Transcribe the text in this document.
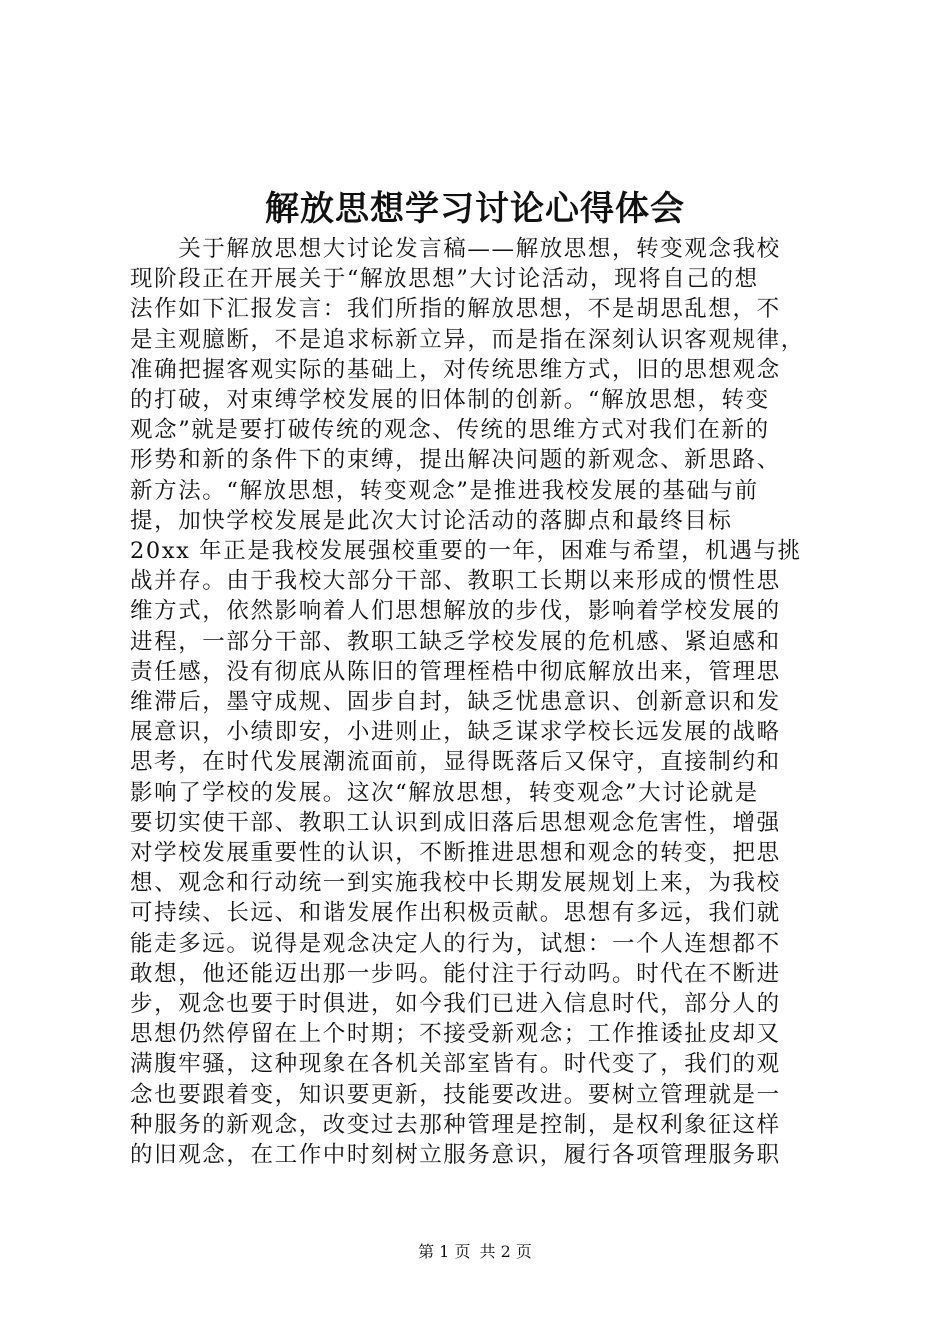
解放思想学习讨论心得体会
　　关于解放思想大讨论发言稿——解放思想，转变观念我校
现阶段正在开展关于“解放思想”大讨论活动，现将自己的想
法作如下汇报发言：我们所指的解放思想，不是胡思乱想，不
是主观臆断，不是追求标新立异，而是指在深刻认识客观规律，
准确把握客观实际的基础上，对传统思维方式，旧的思想观念
的打破，对束缚学校发展的旧体制的创新。“解放思想，转变
观念”就是要打破传统的观念、传统的思维方式对我们在新的
形势和新的条件下的束缚，提出解决问题的新观念、新思路、
新方法。“解放思想，转变观念”是推进我校发展的基础与前
提，加快学校发展是此次大讨论活动的落脚点和最终目标
20xx 年正是我校发展强校重要的一年，困难与希望，机遇与挑
战并存。由于我校大部分干部、教职工长期以来形成的惯性思
维方式，依然影响着人们思想解放的步伐，影响着学校发展的
进程，一部分干部、教职工缺乏学校发展的危机感、紧迫感和
责任感，没有彻底从陈旧的管理桎梏中彻底解放出来，管理思
维滞后，墨守成规、固步自封，缺乏忧患意识、创新意识和发
展意识，小绩即安，小进则止，缺乏谋求学校长远发展的战略
思考，在时代发展潮流面前，显得既落后又保守，直接制约和
影响了学校的发展。这次“解放思想，转变观念”大讨论就是
要切实使干部、教职工认识到成旧落后思想观念危害性，增强
对学校发展重要性的认识，不断推进思想和观念的转变，把思
想、观念和行动统一到实施我校中长期发展规划上来，为我校
可持续、长远、和谐发展作出积极贡献。思想有多远，我们就
能走多远。说得是观念决定人的行为，试想：一个人连想都不
敢想，他还能迈出那一步吗。能付注于行动吗。时代在不断进
步，观念也要于时俱进，如今我们已进入信息时代，部分人的
思想仍然停留在上个时期；不接受新观念；工作推诿扯皮却又
满腹牢骚，这种现象在各机关部室皆有。时代变了，我们的观
念也要跟着变，知识要更新，技能要改进。要树立管理就是一
种服务的新观念，改变过去那种管理是控制，是权利象征这样
的旧观念，在工作中时刻树立服务意识，履行各项管理服务职
第 1 页 共 2 页
